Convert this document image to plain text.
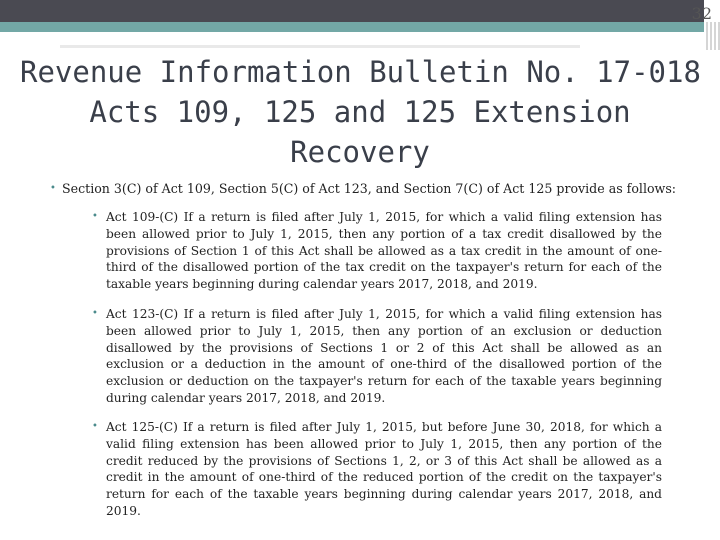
32
Revenue Information Bulletin No. 17-018
Acts 109, 125 and 125 Extension
Recovery
• Section 3(C) of Act 109, Section 5(C) of Act 123, and Section 7(C) of Act 125 provide as follows:
• Act 109-(C) If a return is filed after July 1, 2015, for which a valid filing extension has been allowed prior to July 1, 2015, then any portion of a tax credit disallowed by the provisions of Section 1 of this Act shall be allowed as a tax credit in the amount of one-third of the disallowed portion of the tax credit on the taxpayer's return for each of the taxable years beginning during calendar years 2017, 2018, and 2019.
• Act 123-(C) If a return is filed after July 1, 2015, for which a valid filing extension has been allowed prior to July 1, 2015, then any portion of an exclusion or deduction disallowed by the provisions of Sections 1 or 2 of this Act shall be allowed as an exclusion or a deduction in the amount of one-third of the disallowed portion of the exclusion or deduction on the taxpayer's return for each of the taxable years beginning during calendar years 2017, 2018, and 2019.
• Act 125-(C) If a return is filed after July 1, 2015, but before June 30, 2018, for which a valid filing extension has been allowed prior to July 1, 2015, then any portion of the credit reduced by the provisions of Sections 1, 2, or 3 of this Act shall be allowed as a credit in the amount of one-third of the reduced portion of the credit on the taxpayer's return for each of the taxable years beginning during calendar years 2017, 2018, and 2019.
